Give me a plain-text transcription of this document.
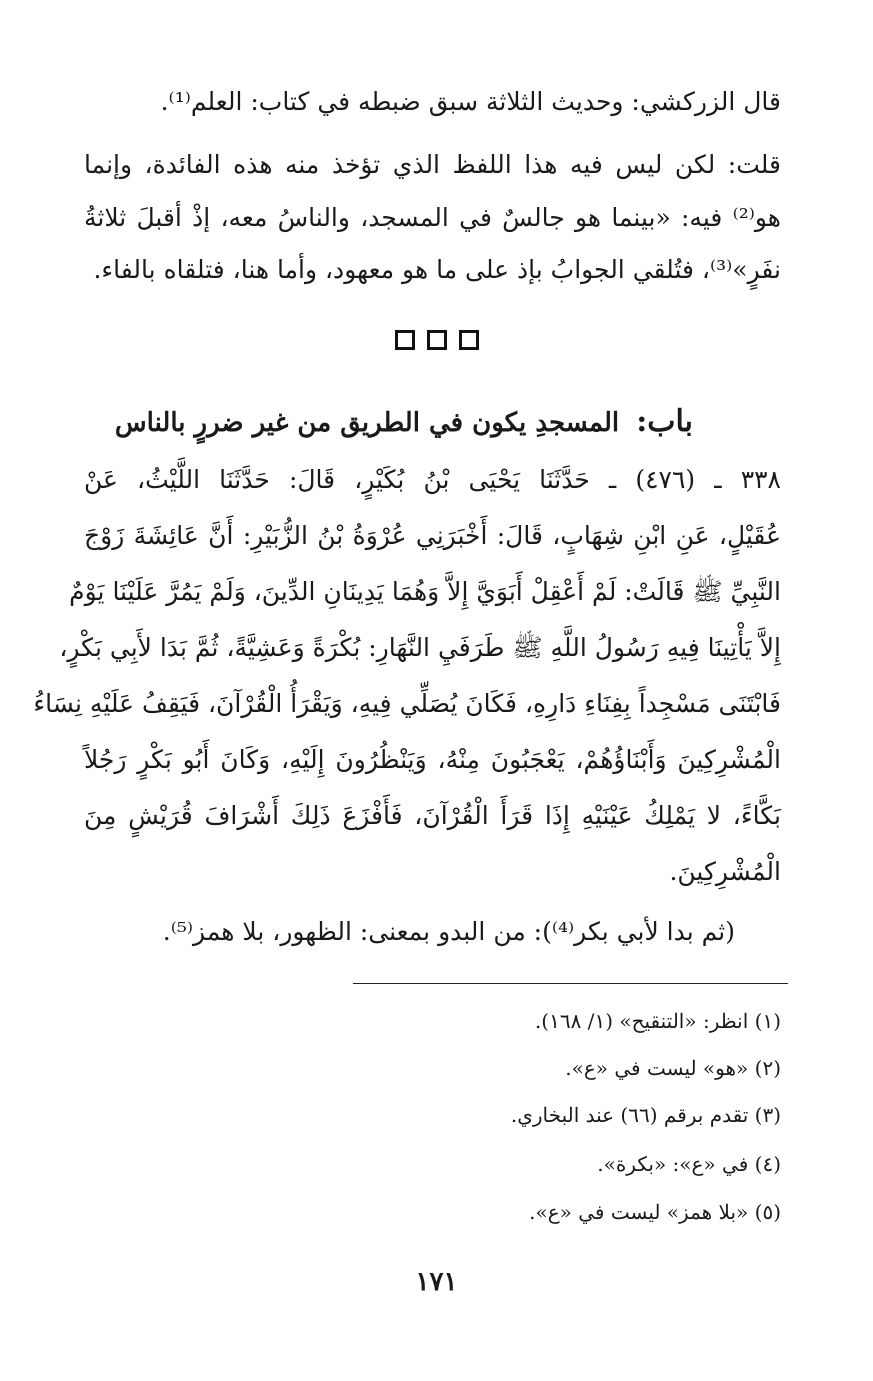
قال الزركشي: وحديث الثلاثة سبق ضبطه في كتاب: العلم⁽¹⁾.
قلت: لكن ليس فيه هذا اللفظ الذي تؤخذ منه هذه الفائدة، وإنما
هو⁽²⁾ فيه: «بينما هو جالسٌ في المسجد، والناسُ معه، إذْ أقبلَ ثلاثةُ
نفَرٍ»⁽³⁾، فتُلقي الجوابُ بإذ على ما هو معهود، وأما هنا، فتلقاه بالفاء.

باب: المسجدِ يكون في الطريق من غير ضررٍ بالناس
٣٣٨ ـ (٤٧٦) ـ حَدَّثَنَا يَحْيَى بْنُ بُكَيْرٍ، قَالَ: حَدَّثَنَا اللَّيْثُ، عَنْ
عُقَيْلٍ، عَنِ ابْنِ شِهَابٍ، قَالَ: أَخْبَرَنِي عُرْوَةُ بْنُ الزُّبَيْرِ: أَنَّ عَائِشَةَ زَوْجَ
النَّبِيِّ ﷺ قَالَتْ: لَمْ أَعْقِلْ أَبَوَيَّ إِلاَّ وَهُمَا يَدِينَانِ الدِّينَ، وَلَمْ يَمُرَّ عَلَيْنَا يَوْمٌ
إِلاَّ يَأْتِينَا فِيهِ رَسُولُ اللَّهِ ﷺ طَرَفَيِ النَّهَارِ: بُكْرَةً وَعَشِيَّةً، ثُمَّ بَدَا لأَبِي بَكْرٍ،
فَابْتَنَى مَسْجِداً بِفِنَاءِ دَارِهِ، فَكَانَ يُصَلِّي فِيهِ، وَيَقْرَأُ الْقُرْآنَ، فَيَقِفُ عَلَيْهِ نِسَاءُ
الْمُشْرِكِينَ وَأَبْنَاؤُهُمْ، يَعْجَبُونَ مِنْهُ، وَيَنْظُرُونَ إِلَيْهِ، وَكَانَ أَبُو بَكْرٍ رَجُلاً
بَكَّاءً، لا يَمْلِكُ عَيْنَيْهِ إِذَا قَرَأَ الْقُرْآنَ، فَأَفْزَعَ ذَلِكَ أَشْرَافَ قُرَيْشٍ مِنَ
الْمُشْرِكِينَ.
(ثم بدا لأبي بكر⁽⁴⁾): من البدو بمعنى: الظهور، بلا همز⁽⁵⁾.
(١) انظر: «التنقيح» (١/ ١٦٨).
(٢) «هو» ليست في «ع».
(٣) تقدم برقم (٦٦) عند البخاري.
(٤) في «ع»: «بكرة».
(٥) «بلا همز» ليست في «ع».
١٧١
